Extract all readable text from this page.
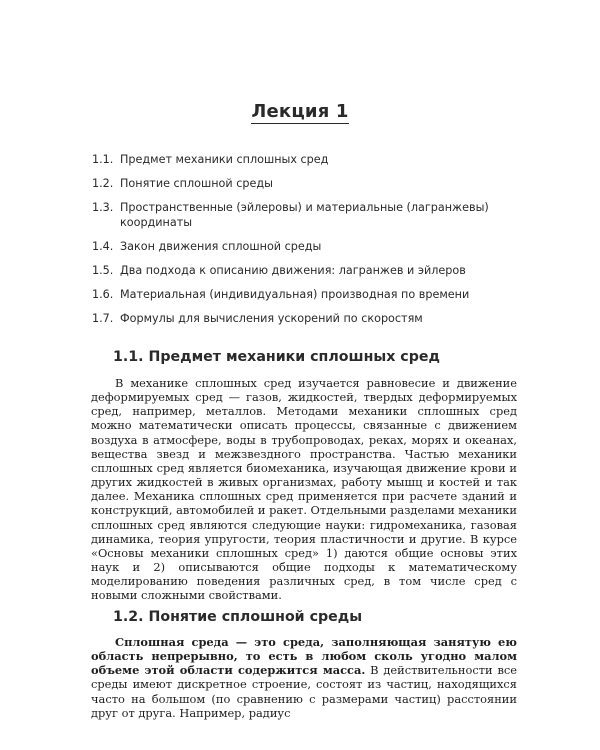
Лекция 1
1.1. Предмет механики сплошных сред
1.2. Понятие сплошной среды
1.3. Пространственные (эйлеровы) и материальные (лагранжевы) координаты
1.4. Закон движения сплошной среды
1.5. Два подхода к описанию движения: лагранжев и эйлеров
1.6. Материальная (индивидуальная) производная по времени
1.7. Формулы для вычисления ускорений по скоростям
1.1. Предмет механики сплошных сред

В механике сплошных сред изучается равновесие и движение деформируемых сред — газов, жидкостей, твердых деформируемых сред, например, металлов. Методами механики сплошных сред можно математически описать процессы, связанные с движением воздуха в атмосфере, воды в трубопроводах, реках, морях и океанах, вещества звезд и межзвездного пространства. Частью механики сплошных сред является биомеханика, изучающая движение крови и других жидкостей в живых организмах, работу мышц и костей и так далее. Механика сплошных сред применяется при расчете зданий и конструкций, автомобилей и ракет. Отдельными разделами механики сплошных сред являются следующие науки: гидромеханика, газовая динамика, теория упругости, теория пластичности и другие. В курсе «Основы механики сплошных сред» 1) даются общие основы этих наук и 2) описываются общие подходы к математическому моделированию поведения различных сред, в том числе сред с новыми сложными свойствами.

1.2. Понятие сплошной среды

Сплошная среда — это среда, заполняющая занятую ею область непрерывно, то есть в любом сколь угодно малом объеме этой области содержится масса. В действительности все среды имеют дискретное строение, состоят из частиц, находящихся часто на большом (по сравнению с размерами частиц) расстоянии друг от друга. Например, радиус
